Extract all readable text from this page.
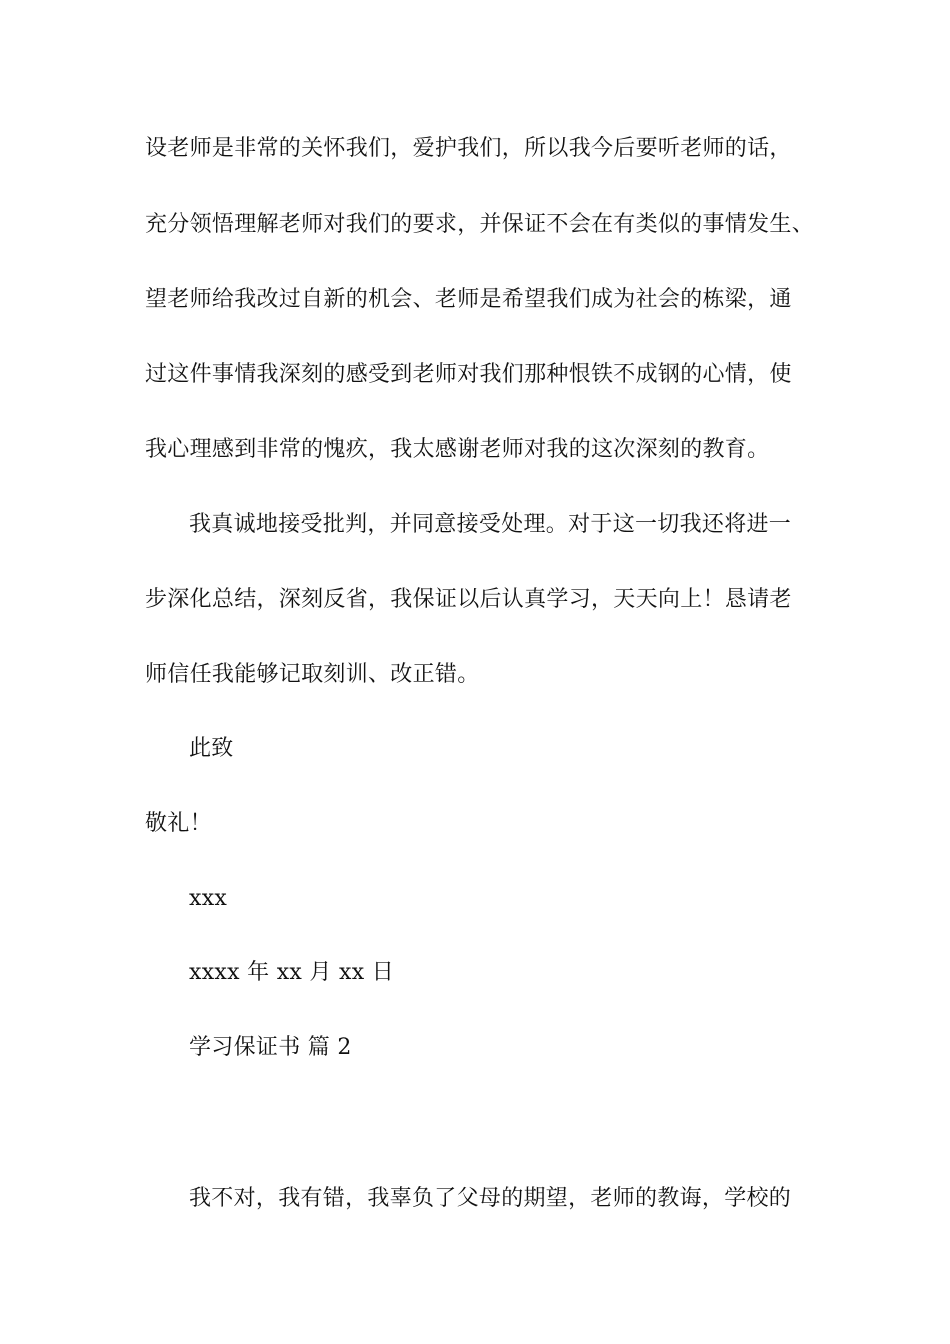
设老师是非常的关怀我们，爱护我们，所以我今后要听老师的话，
充分领悟理解老师对我们的要求，并保证不会在有类似的事情发生、
望老师给我改过自新的机会、老师是希望我们成为社会的栋梁，通
过这件事情我深刻的感受到老师对我们那种恨铁不成钢的心情，使
我心理感到非常的愧疚，我太感谢老师对我的这次深刻的教育。
我真诚地接受批判，并同意接受处理。对于这一切我还将进一
步深化总结，深刻反省，我保证以后认真学习，天天向上！恳请老
师信任我能够记取刻训、改正错。
此致
敬礼！
xxx
xxxx 年 xx 月 xx 日
学习保证书 篇 2
我不对，我有错，我辜负了父母的期望，老师的教诲，学校的
